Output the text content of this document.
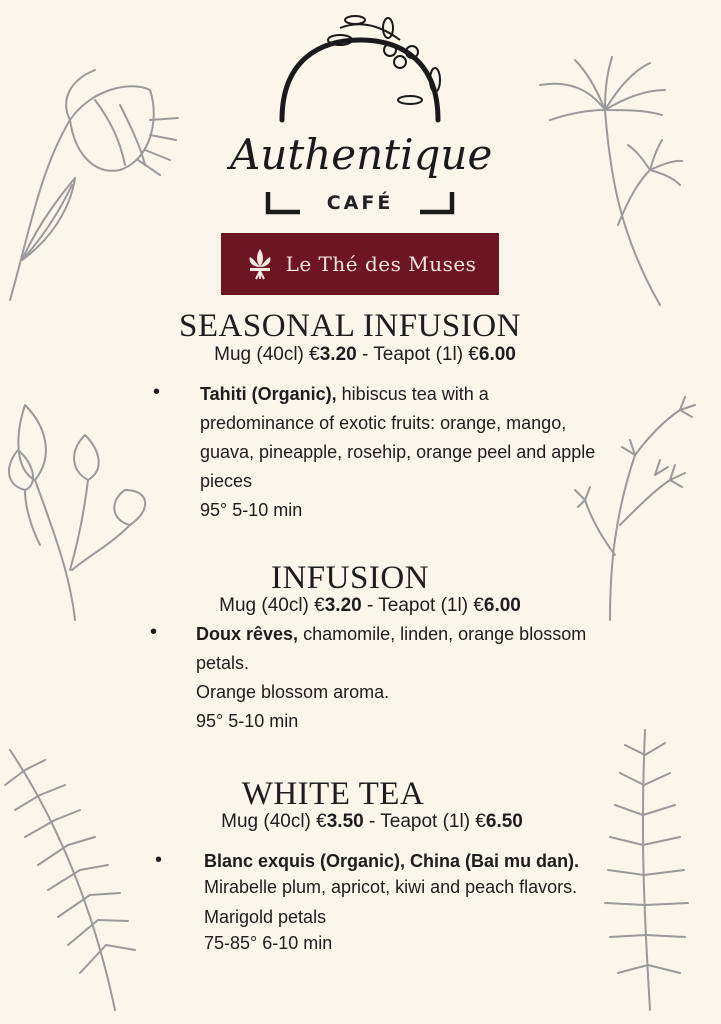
Authentique
CAFÉ
Le Thé des Muses
SEASONAL INFUSION
Mug (40cl) €3.20 - Teapot (1l) €6.00
• Tahiti (Organic), hibiscus tea with a
predominance of exotic fruits: orange, mango,
guava, pineapple, rosehip, orange peel and apple
pieces
95° 5-10 min
INFUSION
Mug (40cl) €3.20 - Teapot (1l) €6.00
• Doux rêves, chamomile, linden, orange blossom
petals.
Orange blossom aroma.
95° 5-10 min
WHITE TEA
Mug (40cl) €3.50 - Teapot (1l) €6.50
• Blanc exquis (Organic), China (Bai mu dan).
Mirabelle plum, apricot, kiwi and peach flavors.
Marigold petals
75-85° 6-10 min
